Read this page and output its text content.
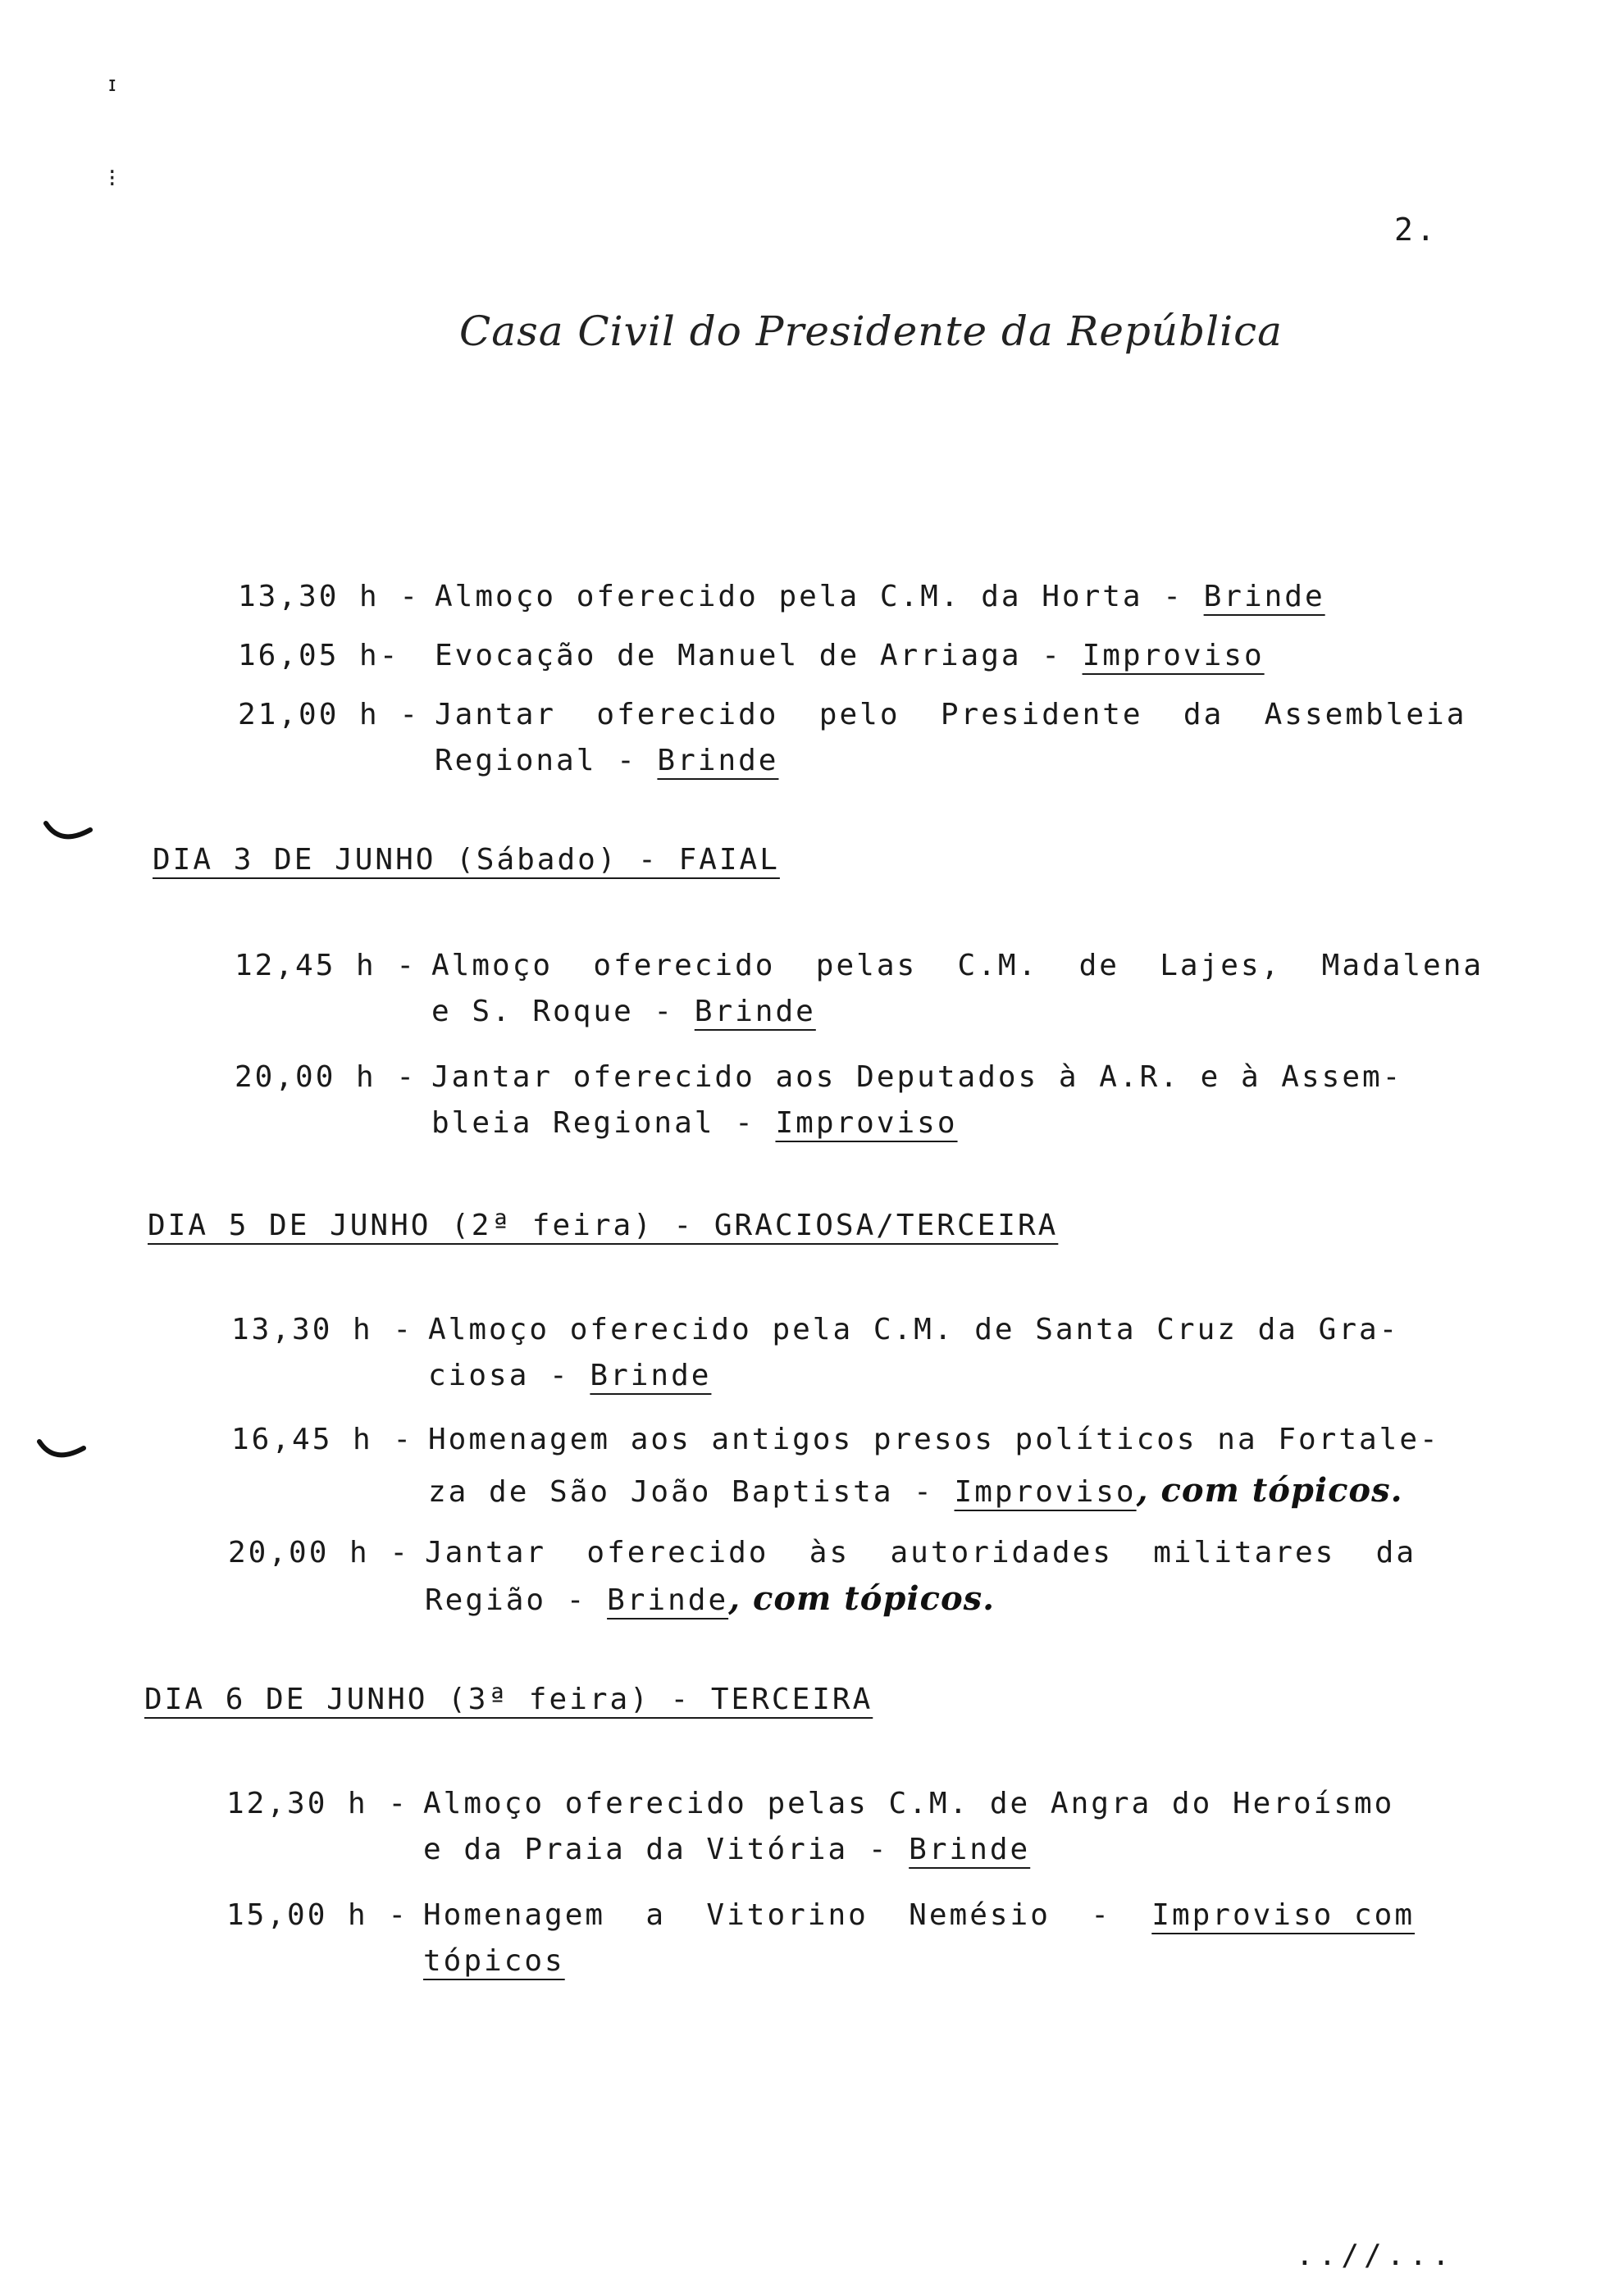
ɪ
⁝
2.
Casa Civil do Presidente da República
13,30 h - Almoço oferecido pela C.M. da Horta - Brinde
16,05 h- Evocação de Manuel de Arriaga - Improviso
21,00 h - Jantar  oferecido  pelo  Presidente  da  Assembleia
Regional - Brinde
DIA 3 DE JUNHO (Sábado) - FAIAL
12,45 h - Almoço  oferecido  pelas  C.M.  de  Lajes,  Madalena
e S. Roque - Brinde
20,00 h - Jantar oferecido aos Deputados à A.R. e à Assem-
bleia Regional - Improviso
DIA 5 DE JUNHO (2ª feira) - GRACIOSA/TERCEIRA
13,30 h - Almoço oferecido pela C.M. de Santa Cruz da Gra-
ciosa - Brinde
16,45 h - Homenagem aos antigos presos políticos na Fortale-
za de São João Baptista - Improviso, com tópicos.
20,00 h - Jantar  oferecido  às  autoridades  militares  da
Região - Brinde, com tópicos.
DIA 6 DE JUNHO (3ª feira) - TERCEIRA
12,30 h - Almoço oferecido pelas C.M. de Angra do Heroísmo
e da Praia da Vitória - Brinde
15,00 h - Homenagem  a  Vitorino  Nemésio  -  Improviso com
tópicos
..//...
